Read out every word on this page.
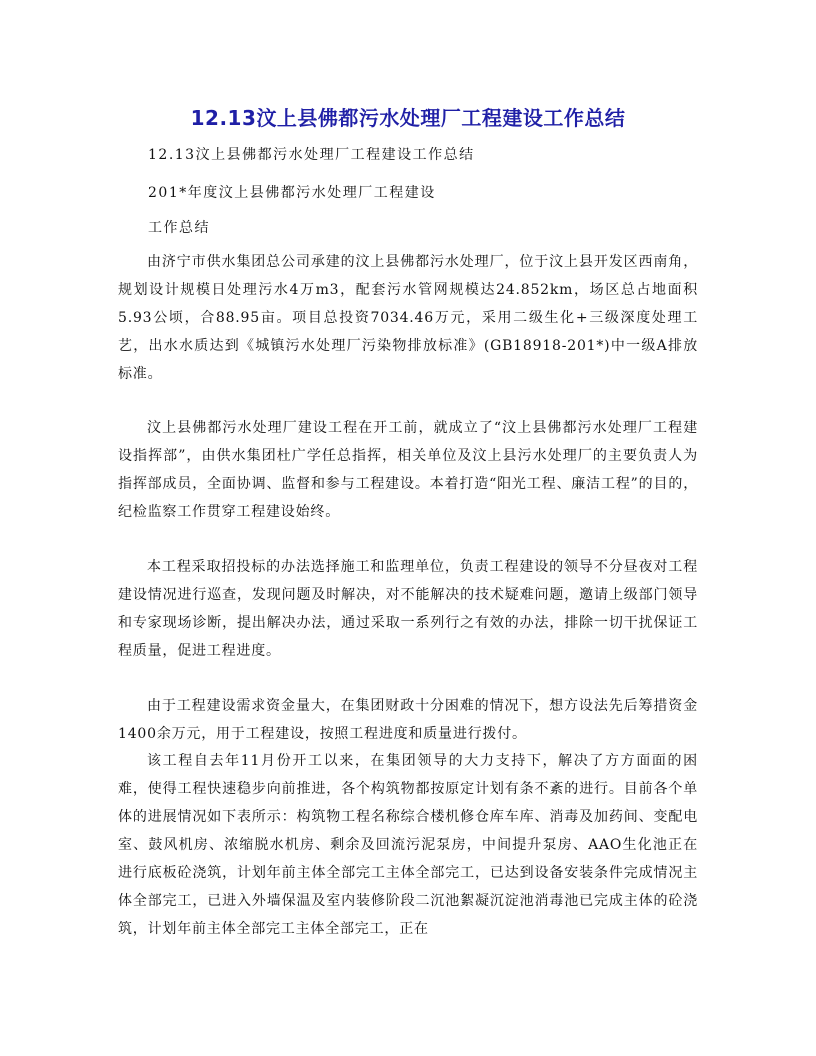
12.13汶上县佛都污水处理厂工程建设工作总结
12.13汶上县佛都污水处理厂工程建设工作总结
201*年度汶上县佛都污水处理厂工程建设
工作总结

由济宁市供水集团总公司承建的汶上县佛都污水处理厂，位于汶上县开发区西南角，规划设计规模日处理污水4万m3，配套污水管网规模达24.852km，场区总占地面积5.93公顷，合88.95亩。项目总投资7034.46万元，采用二级生化+三级深度处理工艺，出水水质达到《城镇污水处理厂污染物排放标准》(GB18918-201*)中一级A排放标准。

汶上县佛都污水处理厂建设工程在开工前，就成立了“汶上县佛都污水处理厂工程建设指挥部”，由供水集团杜广学任总指挥，相关单位及汶上县污水处理厂的主要负责人为指挥部成员，全面协调、监督和参与工程建设。本着打造“阳光工程、廉洁工程”的目的，纪检监察工作贯穿工程建设始终。

本工程采取招投标的办法选择施工和监理单位，负责工程建设的领导不分昼夜对工程建设情况进行巡查，发现问题及时解决，对不能解决的技术疑难问题，邀请上级部门领导和专家现场诊断，提出解决办法，通过采取一系列行之有效的办法，排除一切干扰保证工程质量，促进工程进度。

由于工程建设需求资金量大，在集团财政十分困难的情况下，想方设法先后筹措资金1400余万元，用于工程建设，按照工程进度和质量进行拨付。

该工程自去年11月份开工以来，在集团领导的大力支持下，解决了方方面面的困难，使得工程快速稳步向前推进，各个构筑物都按原定计划有条不紊的进行。目前各个单体的进展情况如下表所示：构筑物工程名称综合楼机修仓库车库、消毒及加药间、变配电室、鼓风机房、浓缩脱水机房、剩余及回流污泥泵房，中间提升泵房、AAO生化池正在进行底板砼浇筑，计划年前主体全部完工主体全部完工，已达到设备安装条件完成情况主体全部完工，已进入外墙保温及室内装修阶段二沉池絮凝沉淀池消毒池已完成主体的砼浇筑，计划年前主体全部完工主体全部完工，正在
